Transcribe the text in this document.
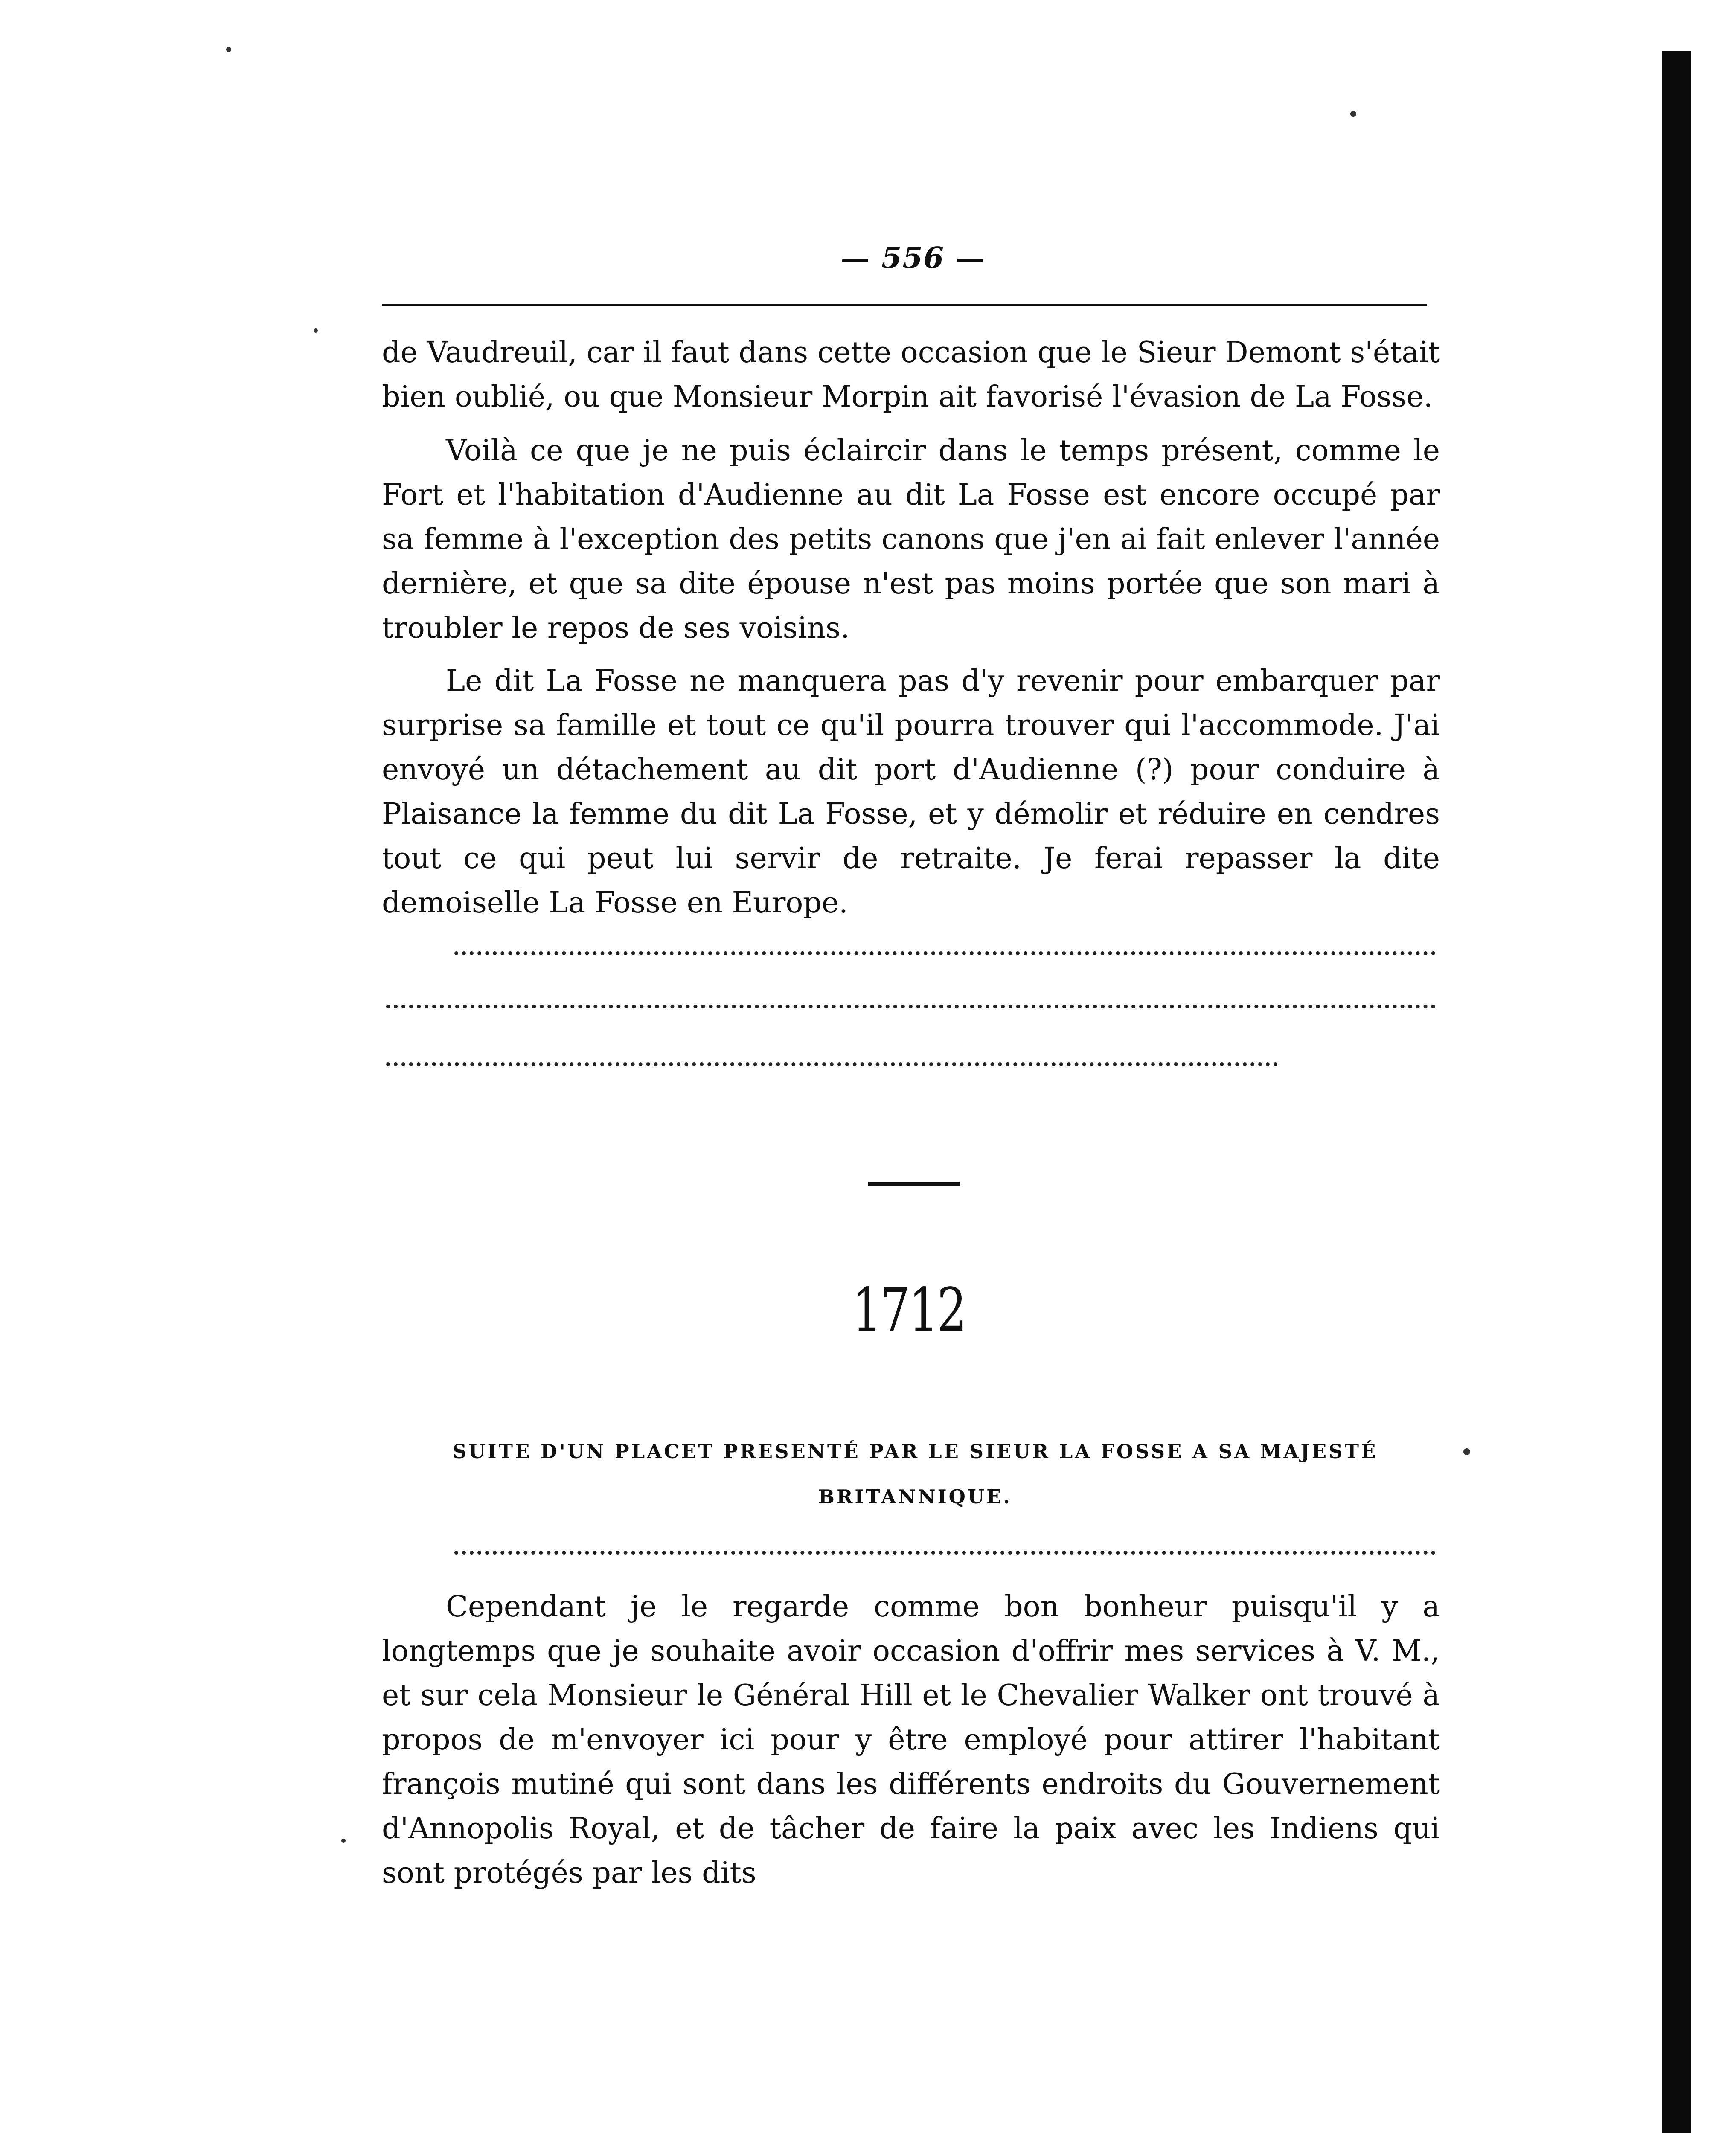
— 556 —

de Vaudreuil, car il faut dans cette occasion que le Sieur Demont s'était bien oublié, ou que Monsieur Morpin ait favorisé l'évasion de La Fosse.

Voilà ce que je ne puis éclaircir dans le temps présent, comme le Fort et l'habitation d'Audienne au dit La Fosse est encore occupé par sa femme à l'exception des petits canons que j'en ai fait enlever l'année dernière, et que sa dite épouse n'est pas moins portée que son mari à troubler le repos de ses voisins.

Le dit La Fosse ne manquera pas d'y revenir pour embarquer par surprise sa famille et tout ce qu'il pourra trouver qui l'accommode. J'ai envoyé un détachement au dit port d'Audienne (?) pour conduire à Plaisance la femme du dit La Fosse, et y démolir et réduire en cendres tout ce qui peut lui servir de retraite. Je ferai repasser la dite demoiselle La Fosse en Europe.

1712

SUITE D'UN PLACET PRESENTÉ PAR LE SIEUR LA FOSSE A SA MAJESTÉ BRITANNIQUE.

Cependant je le regarde comme bon bonheur puisqu'il y a longtemps que je souhaite avoir occasion d'offrir mes services à V. M., et sur cela Monsieur le Général Hill et le Chevalier Walker ont trouvé à propos de m'envoyer ici pour y être employé pour attirer l'habitant françois mutiné qui sont dans les différents endroits du Gouvernement d'Annopolis Royal, et de tâcher de faire la paix avec les Indiens qui sont protégés par les dits
